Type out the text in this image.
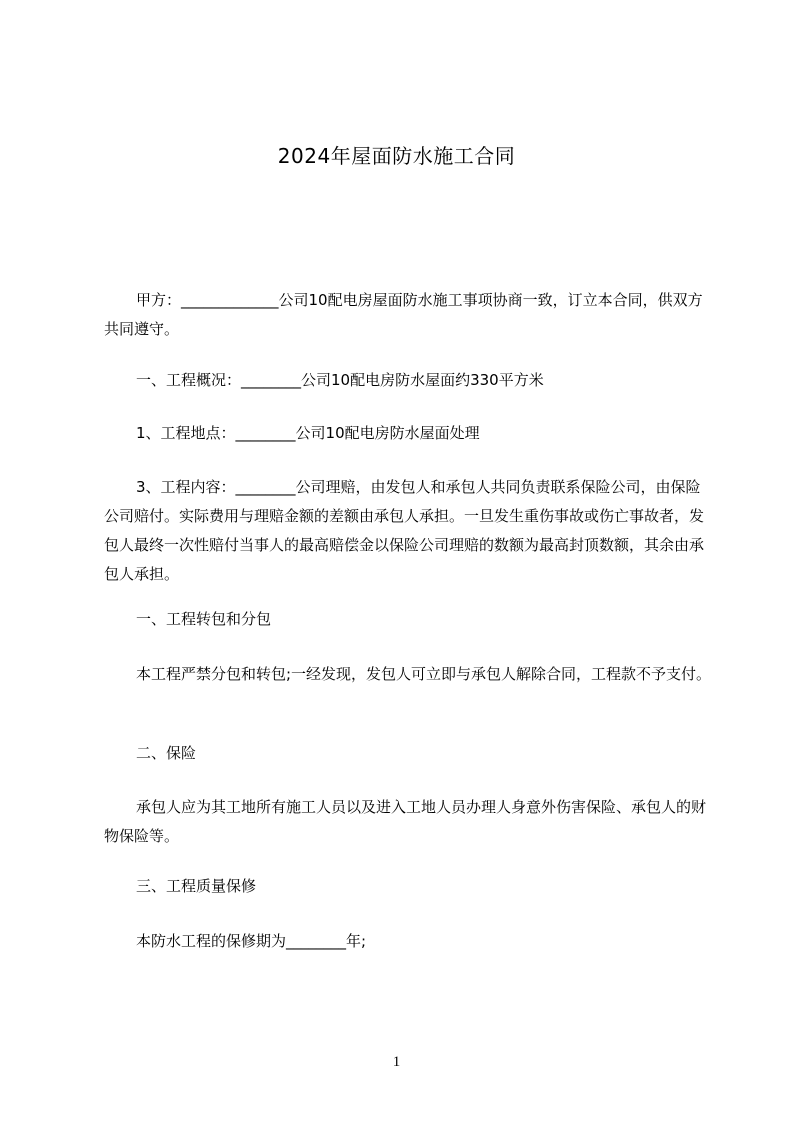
2024年屋面防水施工合同
甲方：_____________公司10配电房屋面防水施工事项协商一致，订立本合同，供双方共同遵守。
一、工程概况：________公司10配电房防水屋面约330平方米
1、工程地点：________公司10配电房防水屋面处理
3、工程内容：________公司理赔，由发包人和承包人共同负责联系保险公司，由保险公司赔付。实际费用与理赔金额的差额由承包人承担。一旦发生重伤事故或伤亡事故者，发包人最终一次性赔付当事人的最高赔偿金以保险公司理赔的数额为最高封顶数额，其余由承包人承担。
一、工程转包和分包
本工程严禁分包和转包;一经发现，发包人可立即与承包人解除合同，工程款不予支付。
二、保险
承包人应为其工地所有施工人员以及进入工地人员办理人身意外伤害保险、承包人的财物保险等。
三、工程质量保修
本防水工程的保修期为________年;
1
